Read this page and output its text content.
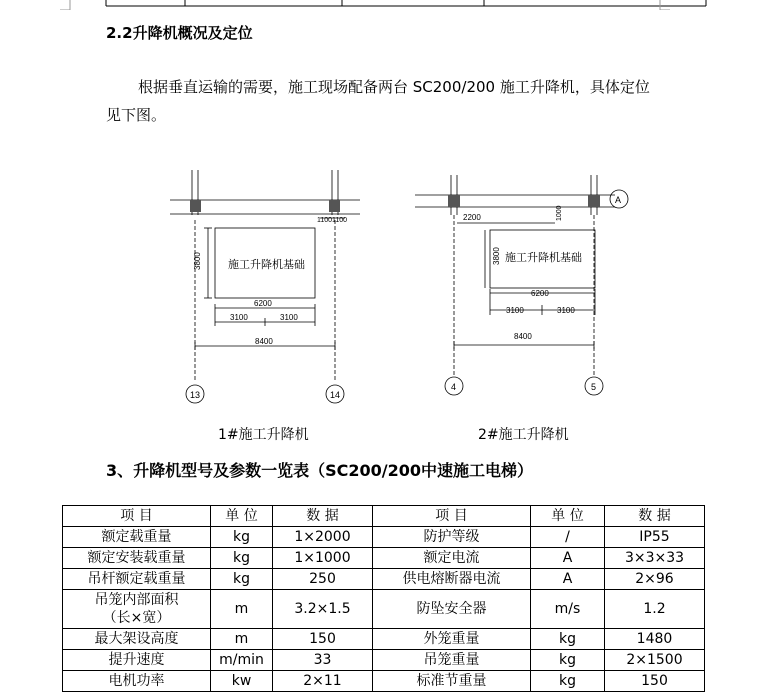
2.2升降机概况及定位
根据垂直运输的需要，施工现场配备两台 SC200/200 施工升降机，具体定位
见下图。
施工升降机基础
3800
6200
3100	3100
8400
1100 1100
13	14
1#施工升降机
施工升降机基础
3800
6200
3100	3100
8400
2200	1000
A
4	5
2#施工升降机
3、升降机型号及参数一览表（SC200/200中速施工电梯）
项 目	单 位	数 据	项 目	单 位	数 据
额定载重量	kg	1×2000	防护等级	/	IP55
额定安装载重量	kg	1×1000	额定电流	A	3×3×33
吊杆额定载重量	kg	250	供电熔断器电流	A	2×96
吊笼内部面积
（长×宽）	m	3.2×1.5	防坠安全器	m/s	1.2
最大架设高度	m	150	外笼重量	kg	1480
提升速度	m/min	33	吊笼重量	kg	2×1500
电机功率	kw	2×11	标准节重量	kg	150
